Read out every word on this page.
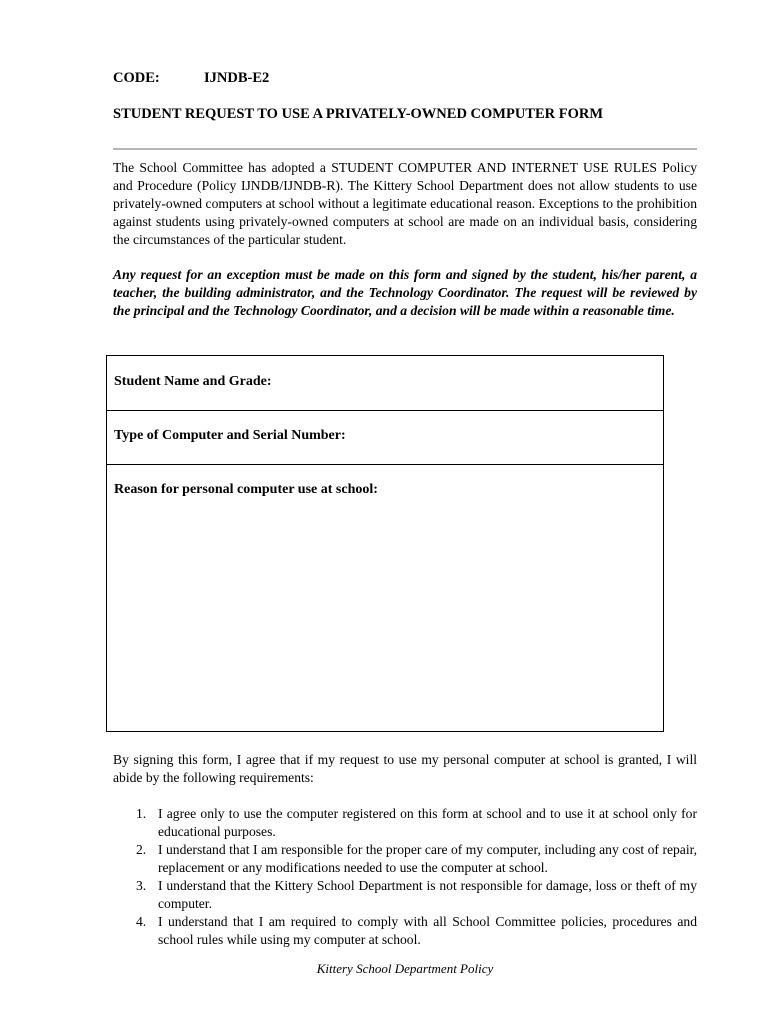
CODE:	IJNDB-E2
STUDENT REQUEST TO USE A PRIVATELY-OWNED COMPUTER FORM

The School Committee has adopted a STUDENT COMPUTER AND INTERNET USE RULES Policy and Procedure (Policy IJNDB/IJNDB-R). The Kittery School Department does not allow students to use privately-owned computers at school without a legitimate educational reason. Exceptions to the prohibition against students using privately-owned computers at school are made on an individual basis, considering the circumstances of the particular student.

Any request for an exception must be made on this form and signed by the student, his/her parent, a teacher, the building administrator, and the Technology Coordinator. The request will be reviewed by the principal and the Technology Coordinator, and a decision will be made within a reasonable time.

Student Name and Grade:
Type of Computer and Serial Number:
Reason for personal computer use at school:

By signing this form, I agree that if my request to use my personal computer at school is granted, I will abide by the following requirements:

1. I agree only to use the computer registered on this form at school and to use it at school only for educational purposes.
2. I understand that I am responsible for the proper care of my computer, including any cost of repair, replacement or any modifications needed to use the computer at school.
3. I understand that the Kittery School Department is not responsible for damage, loss or theft of my computer.
4. I understand that I am required to comply with all School Committee policies, procedures and school rules while using my computer at school.
Kittery School Department Policy
